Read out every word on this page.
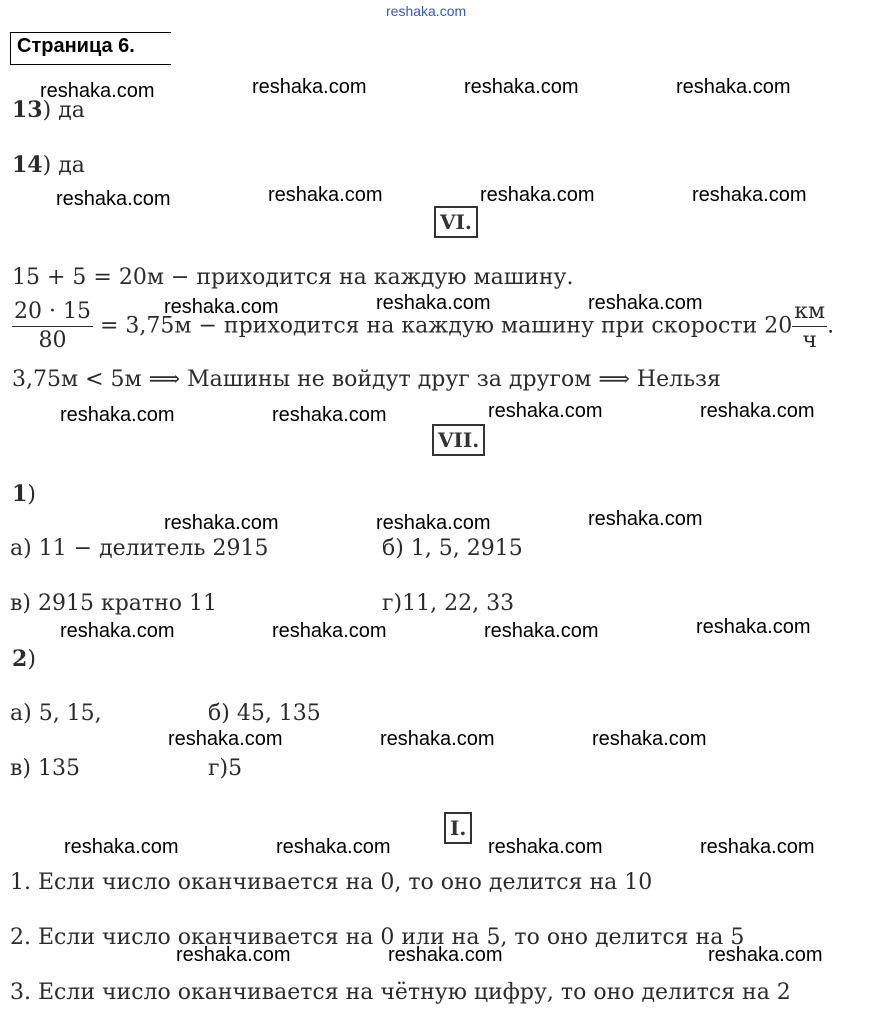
reshaka.com
Страница 6.
13) да
14) да
VI.
15 + 5 = 20м − приходится на каждую машину.
$\frac{20 \cdot 15}{80} = 3,75м$ − приходится на каждую машину при скорости $20 \frac{км}{ч}$ .
3,75м < 5м ⟹ Машины не войдут друг за другом ⟹ Нельзя
VII.
1)
а) 11 − делитель 2915	б) 1, 5, 2915
в) 2915 кратно 11	г)11, 22, 33
2)
а) 5, 15,	б) 45, 135
в) 135	г)5
I.
1. Если число оканчивается на 0, то оно делится на 10
2. Если число оканчивается на 0 или на 5, то оно делится на 5
3. Если число оканчивается на чётную цифру, то оно делится на 2
reshaka.com	reshaka.com	reshaka.com	reshaka.com
reshaka.com	reshaka.com	reshaka.com	reshaka.com
reshaka.com	reshaka.com	reshaka.com
reshaka.com	reshaka.com	reshaka.com	reshaka.com
reshaka.com	reshaka.com	reshaka.com
reshaka.com	reshaka.com	reshaka.com	reshaka.com
reshaka.com	reshaka.com	reshaka.com
reshaka.com	reshaka.com	reshaka.com	reshaka.com
reshaka.com	reshaka.com	reshaka.com
